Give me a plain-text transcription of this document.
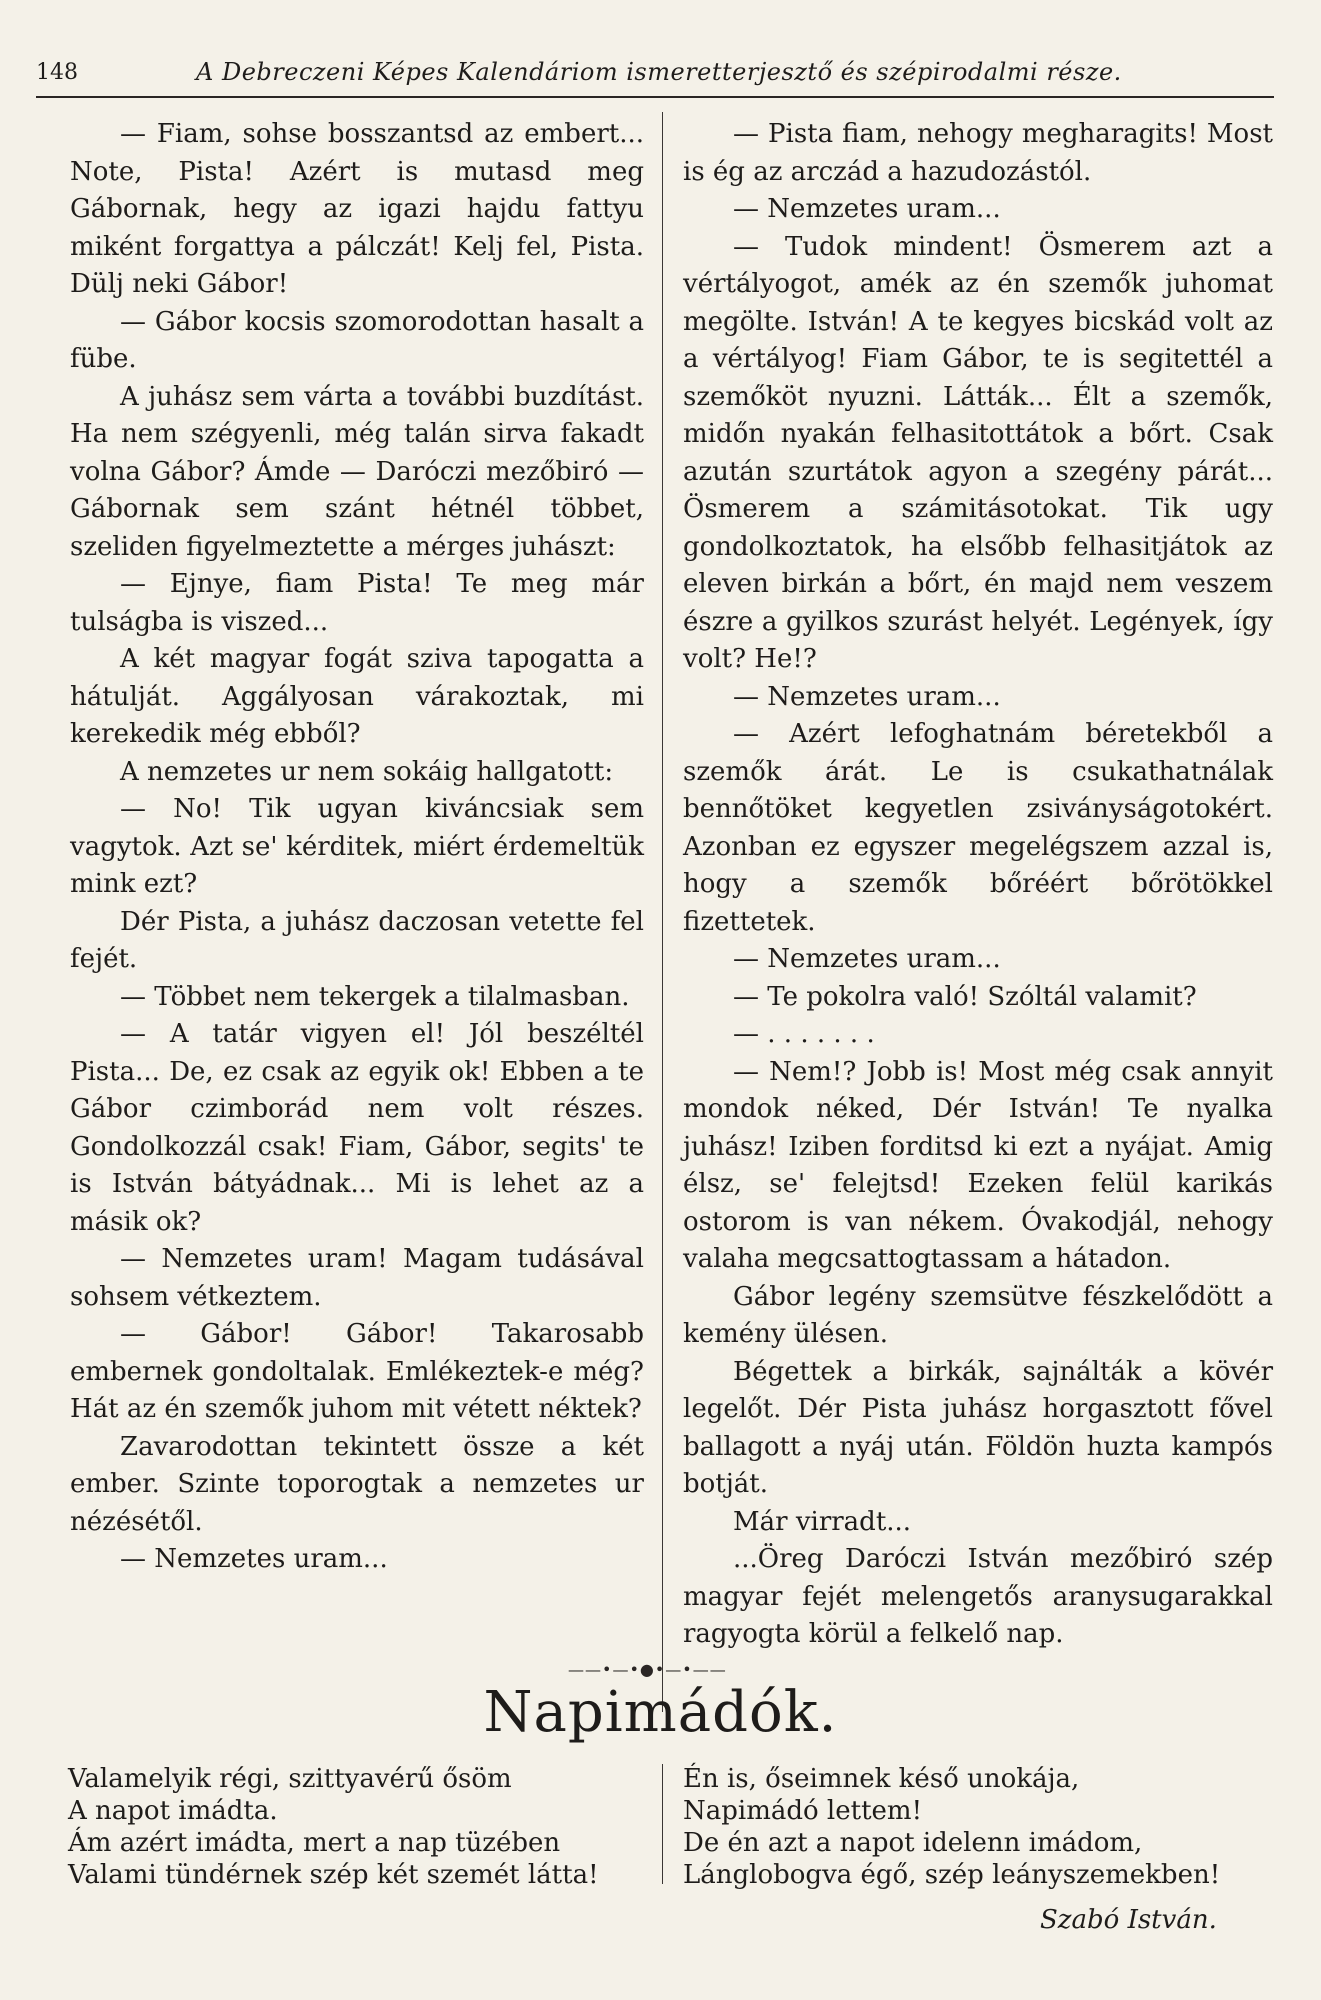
148	A Debreczeni Képes Kalendáriom ismeretterjesztő és szépirodalmi része.

— Fiam, sohse bosszantsd az embert... Note, Pista! Azért is mutasd meg Gábornak, hegy az igazi hajdu fattyu miként forgattya a pálczát! Kelj fel, Pista. Dülj neki Gábor!

— Gábor kocsis szomorodottan hasalt a fübe.

A juhász sem várta a további buzdítást. Ha nem szégyenli, még talán sirva fakadt volna Gábor? Ámde — Daróczi mezőbiró — Gábornak sem szánt hétnél többet, szeliden figyelmeztette a mérges juhászt:

— Ejnye, fiam Pista! Te meg már tulságba is viszed...

A két magyar fogát sziva tapogatta a hátulját. Aggályosan várakoztak, mi kerekedik még ebből?

A nemzetes ur nem sokáig hallgatott:

— No! Tik ugyan kiváncsiak sem vagytok. Azt se' kérditek, miért érdemeltük mink ezt?

Dér Pista, a juhász daczosan vetette fel fejét.

— Többet nem tekergek a tilalmasban.

— A tatár vigyen el! Jól beszéltél Pista... De, ez csak az egyik ok! Ebben a te Gábor czimborád nem volt részes. Gondolkozzál csak! Fiam, Gábor, segits' te is István bátyádnak... Mi is lehet az a másik ok?

— Nemzetes uram! Magam tudásával sohsem vétkeztem.

— Gábor! Gábor! Takarosabb embernek gondoltalak. Emlékeztek-e még? Hát az én szemők juhom mit vétett néktek?

Zavarodottan tekintett össze a két ember. Szinte toporogtak a nemzetes ur nézésétől.

— Nemzetes uram...

— Pista fiam, nehogy megharagits! Most is ég az arczád a hazudozástól.

— Nemzetes uram...

— Tudok mindent! Ösmerem azt a vértályogot, amék az én szemők juhomat megölte. István! A te kegyes bicskád volt az a vértályog! Fiam Gábor, te is segitettél a szemőköt nyuzni. Látták... Élt a szemők, midőn nyakán felhasitottátok a bőrt. Csak azután szurtátok agyon a szegény párát... Ösmerem a számitásotokat. Tik ugy gondolkoztatok, ha elsőbb felhasitjátok az eleven birkán a bőrt, én majd nem veszem észre a gyilkos szurást helyét. Legények, így volt? He!?

— Nemzetes uram...

— Azért lefoghatnám béretekből a szemők árát. Le is csukathatnálak bennőtöket kegyetlen zsiványságotokért. Azonban ez egyszer megelégszem azzal is, hogy a szemők bőréért bőrötökkel fizettetek.

— Nemzetes uram...

— Te pokolra való! Szóltál valamit?

— . . . . . . .

— Nem!? Jobb is! Most még csak annyit mondok néked, Dér István! Te nyalka juhász! Iziben forditsd ki ezt a nyájat. Amig élsz, se' felejtsd! Ezeken felül karikás ostorom is van nékem. Óvakodjál, nehogy valaha megcsattogtassam a hátadon.

Gábor legény szemsütve fészkelődött a kemény ülésen.

Bégettek a birkák, sajnálták a kövér legelőt. Dér Pista juhász horgasztott fővel ballagott a nyáj után. Földön huzta kampós botját.

Már virradt...

...Öreg Daróczi István mezőbiró szép magyar fejét melengetős aranysugarakkal ragyogta körül a felkelő nap.

——•—•●•—•——
Napimádók.
Valamelyik régi, szittyavérű ősöm
A napot imádta.
Ám azért imádta, mert a nap tüzében
Valami tündérnek szép két szemét látta!
Én is, őseimnek késő unokája,
Napimádó lettem!
De én azt a napot idelenn imádom,
Lánglobogva égő, szép leányszemekben!
Szabó István.
